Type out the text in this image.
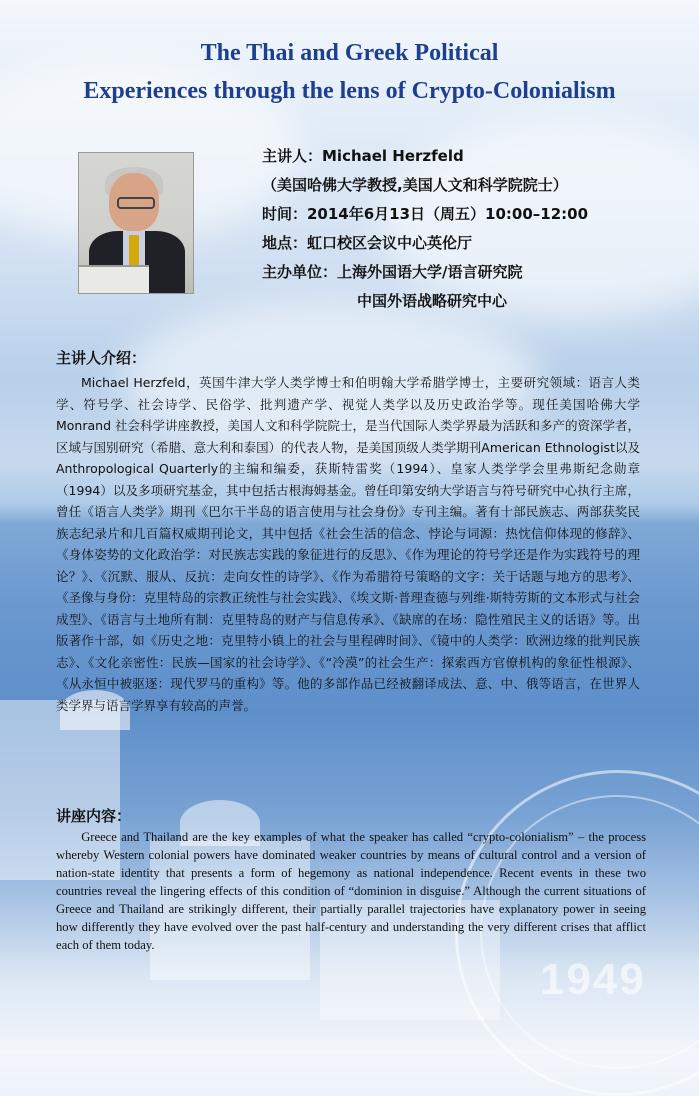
1949
The Thai and Greek Political
Experiences through the lens of Crypto-Colonialism
主讲人：Michael Herzfeld
（美国哈佛大学教授,美国人文和科学院院士）
时间：2014年6月13日（周五）10:00–12:00
地点：虹口校区会议中心英伦厅
主办单位：上海外国语大学/语言研究院
中国外语战略研究中心
主讲人介绍：
Michael Herzfeld，英国牛津大学人类学博士和伯明翰大学希腊学博士，主要研究领域：语言人类学、符号学、社会诗学、民俗学、批判遗产学、视觉人类学以及历史政治学等。现任美国哈佛大学Monrand 社会科学讲座教授，美国人文和科学院院士，是当代国际人类学界最为活跃和多产的资深学者，区域与国别研究（希腊、意大利和泰国）的代表人物，是美国顶级人类学期刊American Ethnologist以及Anthropological Quarterly的主编和编委，获斯特雷奖（1994）、皇家人类学学会里弗斯纪念勋章（1994）以及多项研究基金，其中包括古根海姆基金。曾任印第安纳大学语言与符号研究中心执行主席，曾任《语言人类学》期刊《巴尔干半岛的语言使用与社会身份》专刊主编。著有十部民族志、两部获奖民族志纪录片和几百篇权威期刊论文，其中包括《社会生活的信念、悖论与词源：热忱信仰体现的修辞》、《身体姿势的文化政治学：对民族志实践的象征进行的反思》、《作为理论的符号学还是作为实践符号的理论？》、《沉默、服从、反抗：走向女性的诗学》、《作为希腊符号策略的文字：关于话题与地方的思考》、《圣像与身份：克里特岛的宗教正统性与社会实践》、《埃文斯·普理查德与列维·斯特劳斯的文本形式与社会成型》、《语言与土地所有制：克里特岛的财产与信息传承》、《缺席的在场：隐性殖民主义的话语》等。出版著作十部，如《历史之地：克里特小镇上的社会与里程碑时间》、《镜中的人类学：欧洲边缘的批判民族志》、《文化亲密性：民族—国家的社会诗学》、《“冷漠”的社会生产：探索西方官僚机构的象征性根源》、《从永恒中被驱逐：现代罗马的重构》等。他的多部作品已经被翻译成法、意、中、俄等语言，在世界人类学界与语言学界享有较高的声誉。
讲座内容：
Greece and Thailand are the key examples of what the speaker has called “crypto-colonialism” – the process whereby Western colonial powers have dominated weaker countries by means of cultural control and a version of nation-state identity that presents a form of hegemony as national independence. Recent events in these two countries reveal the lingering effects of this condition of “dominion in disguise.” Although the current situations of Greece and Thailand are strikingly different, their partially parallel trajectories have explanatory power in seeing how differently they have evolved over the past half-century and understanding the very different crises that afflict each of them today.
